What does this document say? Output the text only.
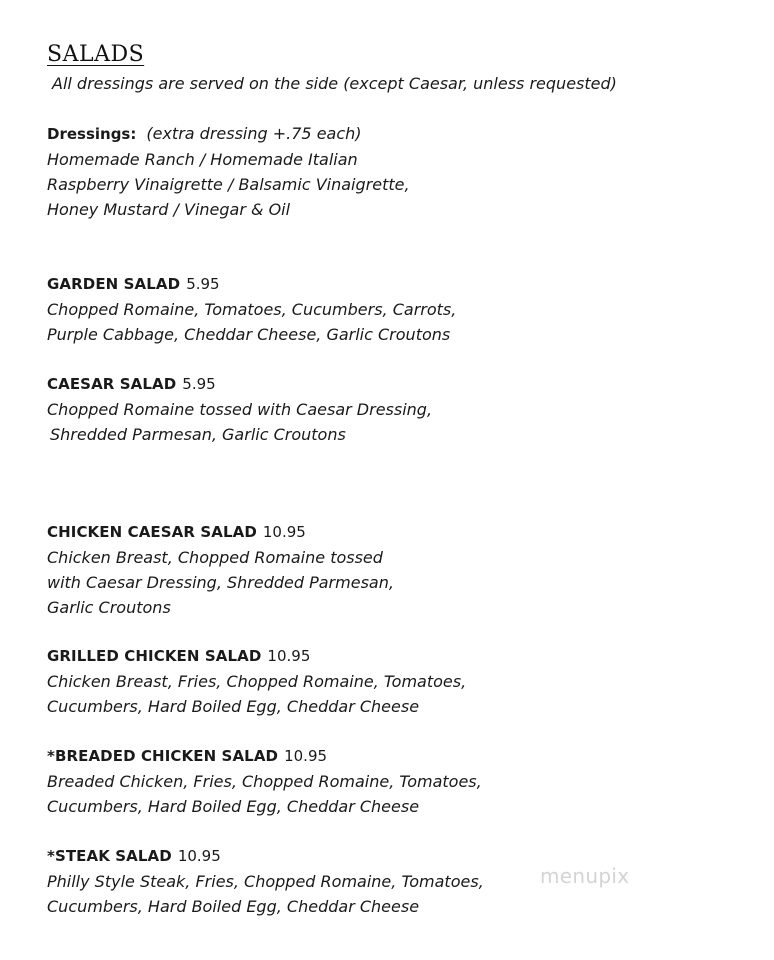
SALADS
All dressings are served on the side (except Caesar, unless requested)
Dressings: (extra dressing +.75 each)
Homemade Ranch / Homemade Italian
Raspberry Vinaigrette / Balsamic Vinaigrette,
Honey Mustard / Vinegar & Oil
GARDEN SALAD 5.95
Chopped Romaine, Tomatoes, Cucumbers, Carrots,
Purple Cabbage, Cheddar Cheese, Garlic Croutons
CAESAR SALAD 5.95
Chopped Romaine tossed with Caesar Dressing,
Shredded Parmesan, Garlic Croutons
CHICKEN CAESAR SALAD 10.95
Chicken Breast, Chopped Romaine tossed
with Caesar Dressing, Shredded Parmesan,
Garlic Croutons
GRILLED CHICKEN SALAD 10.95
Chicken Breast, Fries, Chopped Romaine, Tomatoes,
Cucumbers, Hard Boiled Egg, Cheddar Cheese
*BREADED CHICKEN SALAD 10.95
Breaded Chicken, Fries, Chopped Romaine, Tomatoes,
Cucumbers, Hard Boiled Egg, Cheddar Cheese
*STEAK SALAD 10.95
Philly Style Steak, Fries, Chopped Romaine, Tomatoes,
Cucumbers, Hard Boiled Egg, Cheddar Cheese
menupix
